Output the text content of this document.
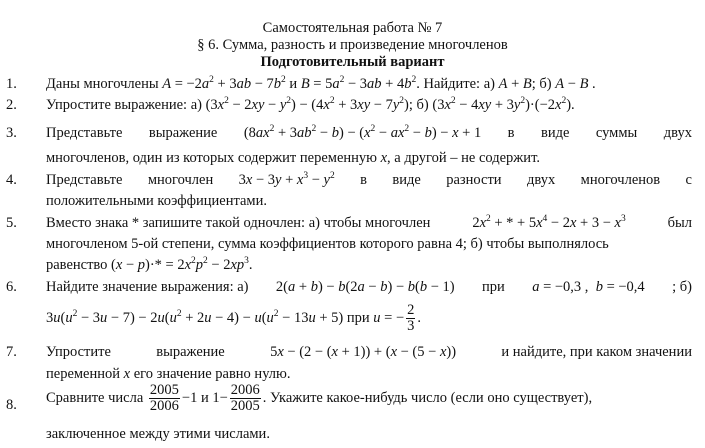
Самостоятельная работа № 7
§ 6. Сумма, разность и произведение многочленов
Подготовительный вариант
1.	Даны многочлены $A = -2a^2 + 3ab - 7b^2$ и $B = 5a^2 - 3ab + 4b^2$. Найдите: а) A + B; б) A − B .
2.	Упростите выражение: а) $(3x^2 - 2xy - y^2) - (4x^2 + 3xy - 7y^2)$; б) $(3x^2 - 4xy + 3y^2)\cdot(-2x^2)$.
3.	Представьте выражение $(8ax^2 + 3ab^2 - b) - (x^2 - ax^2 - b) - x + 1$ в виде суммы двух
многочленов, один из которых содержит переменную x, а другой – не содержит.
4.	Представьте многочлен $3x - 3y + x^3 - y^2$ в виде разности двух многочленов с
положительными коэффициентами.
5.	Вместо знака * запишите такой одночлен: а) чтобы многочлен	$2x^2$ + * + $5x^4 - 2x + 3 - x^3$	был
многочленом 5-ой степени, сумма коэффициентов которого равна 4; б) чтобы выполнялось
равенство $(x - p)\cdot* = 2x^2p^2 - 2xp^3$.
6.	Найдите значение выражения: а) 2(a + b) − b(2a − b) − b(b − 1) при a = −0,3 ,  b = −0,4 ; б)
$3u(u^2 - 3u - 7) - 2u(u^2 + 2u - 4) - u(u^2 - 13u + 5)$ при u = − $\frac{2}{3}$ .
7.	Упростите	выражение	5x − (2 − (x + 1)) + (x − (5 − x))	и найдите, при каком значении
переменной x его значение равно нулю.
8.	Сравните числа $\frac{2005}{2006} -1$ и $1- \frac{2006}{2005}$ . Укажите какое-нибудь число (если оно существует),
заключенное между этими числами.
